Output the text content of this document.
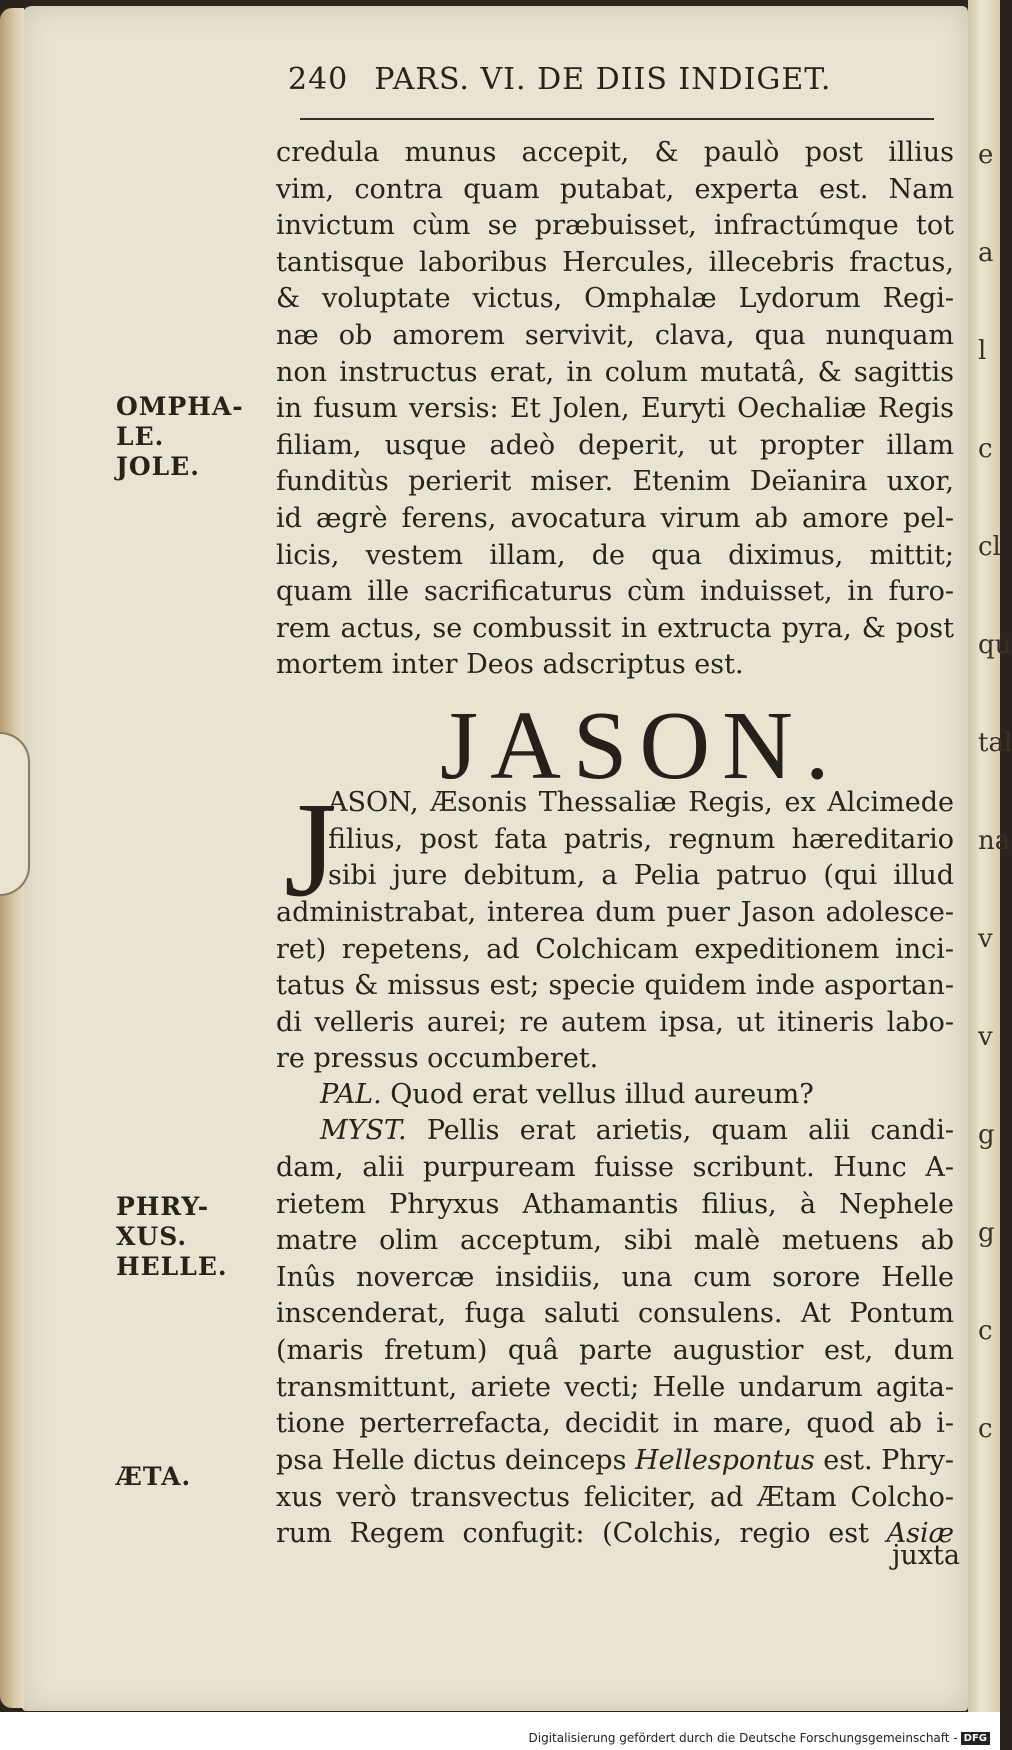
e
a
l
c
cl
qu
tal
na
v
v
g
g
c
c
240 PARS. VI. DE DIIS INDIGET.

credula munus accepit, & paulò post illius

vim, contra quam putabat, experta est. Nam

invictum cùm se præbuisset, infractúmque tot

tantisque laboribus Hercules, illecebris fractus,

& voluptate victus, Omphalæ Lydorum Regi-

næ ob amorem servivit, clava, qua nunquam

non instructus erat, in colum mutatâ, & sagittis

in fusum versis: Et Jolen, Euryti Oechaliæ Regis

filiam, usque adeò deperit, ut propter illam

funditùs perierit miser. Etenim Deïanira uxor,

id ægrè ferens, avocatura virum ab amore pel-

licis, vestem illam, de qua diximus, mittit;

quam ille sacrificaturus cùm induisset, in furo-

rem actus, se combussit in extructa pyra, & post

mortem inter Deos adscriptus est.

JASON.
J

ASON, Æsonis Thessaliæ Regis, ex Alcimede

filius, post fata patris, regnum hæreditario

sibi jure debitum, a Pelia patruo (qui illud

administrabat, interea dum puer Jason adolesce-

ret) repetens, ad Colchicam expeditionem inci-

tatus & missus est; specie quidem inde asportan-

di velleris aurei; re autem ipsa, ut itineris labo-

re pressus occumberet.

PAL. Quod erat vellus illud aureum?

MYST. Pellis erat arietis, quam alii candi-

dam, alii purpuream fuisse scribunt. Hunc A-

rietem Phryxus Athamantis filius, à Nephele

matre olim acceptum, sibi malè metuens ab

Inûs novercæ insidiis, una cum sorore Helle

inscenderat, fuga saluti consulens. At Pontum

(maris fretum) quâ parte augustior est, dum

transmittunt, ariete vecti; Helle undarum agita-

tione perterrefacta, decidit in mare, quod ab i-

psa Helle dictus deinceps Hellespontus est. Phry-

xus verò transvectus feliciter, ad Ætam Colcho-

rum Regem confugit: (Colchis, regio est Asiæ

juxta
OMPHA-
LE.
JOLE.
PHRY-
XUS.
HELLE.
ÆTA.
Digitalisierung gefördert durch die Deutsche Forschungsgemeinschaft - DFG
